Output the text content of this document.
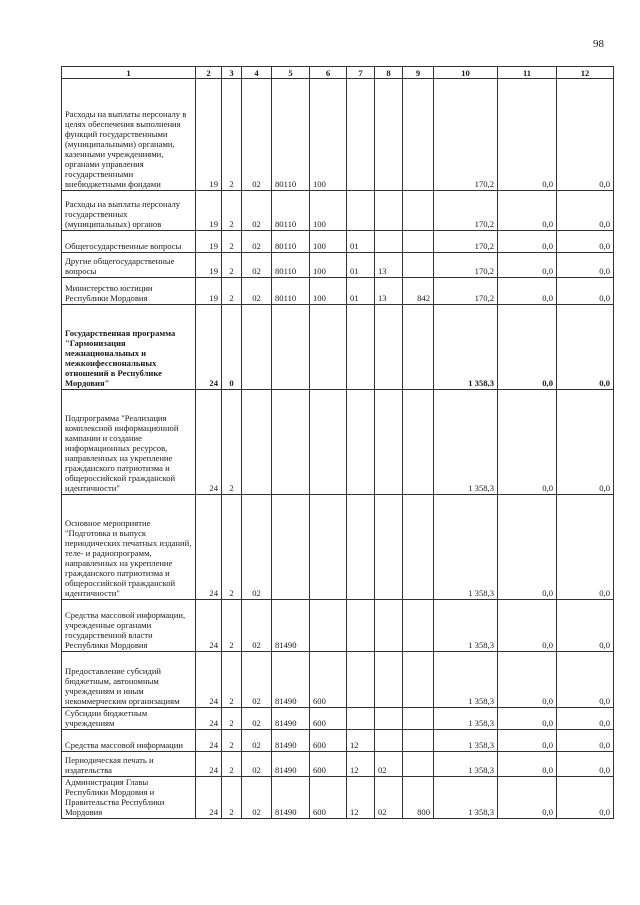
98
1	2	3	4	5	6	7	8	9	10	11	12
Расходы на выплаты персоналу в целях обеспечения выполнения функций государственными (муниципальными) органами, казенными учреждениями, органами управления государственными внебюджетными фондами	19	2	02	80110	100				170,2	0,0	0,0
Расходы на выплаты персоналу государственных (муниципальных) органов	19	2	02	80110	100				170,2	0,0	0,0
Общегосударственные вопросы	19	2	02	80110	100	01			170,2	0,0	0,0
Другие общегосударственные вопросы	19	2	02	80110	100	01	13		170,2	0,0	0,0
Министерство юстиции Республики Мордовия	19	2	02	80110	100	01	13	842	170,2	0,0	0,0
Государственная программа "Гармонизация межнациональных и межконфессиональных отношений в Республике Мордовия"	24	0							1 358,3	0,0	0,0
Подпрограмма "Реализация комплексной информационной кампании и создание информационных ресурсов, направленных на укрепление гражданского патриотизма и общероссийской гражданской идентичности"	24	2							1 358,3	0,0	0,0
Основное мероприятие "Подготовка и выпуск периодических печатных изданий, теле- и радиопрограмм, направленных на укрепление гражданского патриотизма и общероссийской гражданской идентичности"	24	2	02						1 358,3	0,0	0,0
Средства массовой информации, учрежденные органами государственной власти Республики Мордовия	24	2	02	81490					1 358,3	0,0	0,0
Предоставление субсидий бюджетным, автономным учреждениям и иным некоммерческим организациям	24	2	02	81490	600				1 358,3	0,0	0,0
Субсидии бюджетным учреждениям	24	2	02	81490	600				1 358,3	0,0	0,0
Средства массовой информации	24	2	02	81490	600	12			1 358,3	0,0	0,0
Периодическая печать и издательства	24	2	02	81490	600	12	02		1 358,3	0,0	0,0
Администрация Главы Республики Мордовия и Правительства Республики Мордовия	24	2	02	81490	600	12	02	800	1 358,3	0,0	0,0
